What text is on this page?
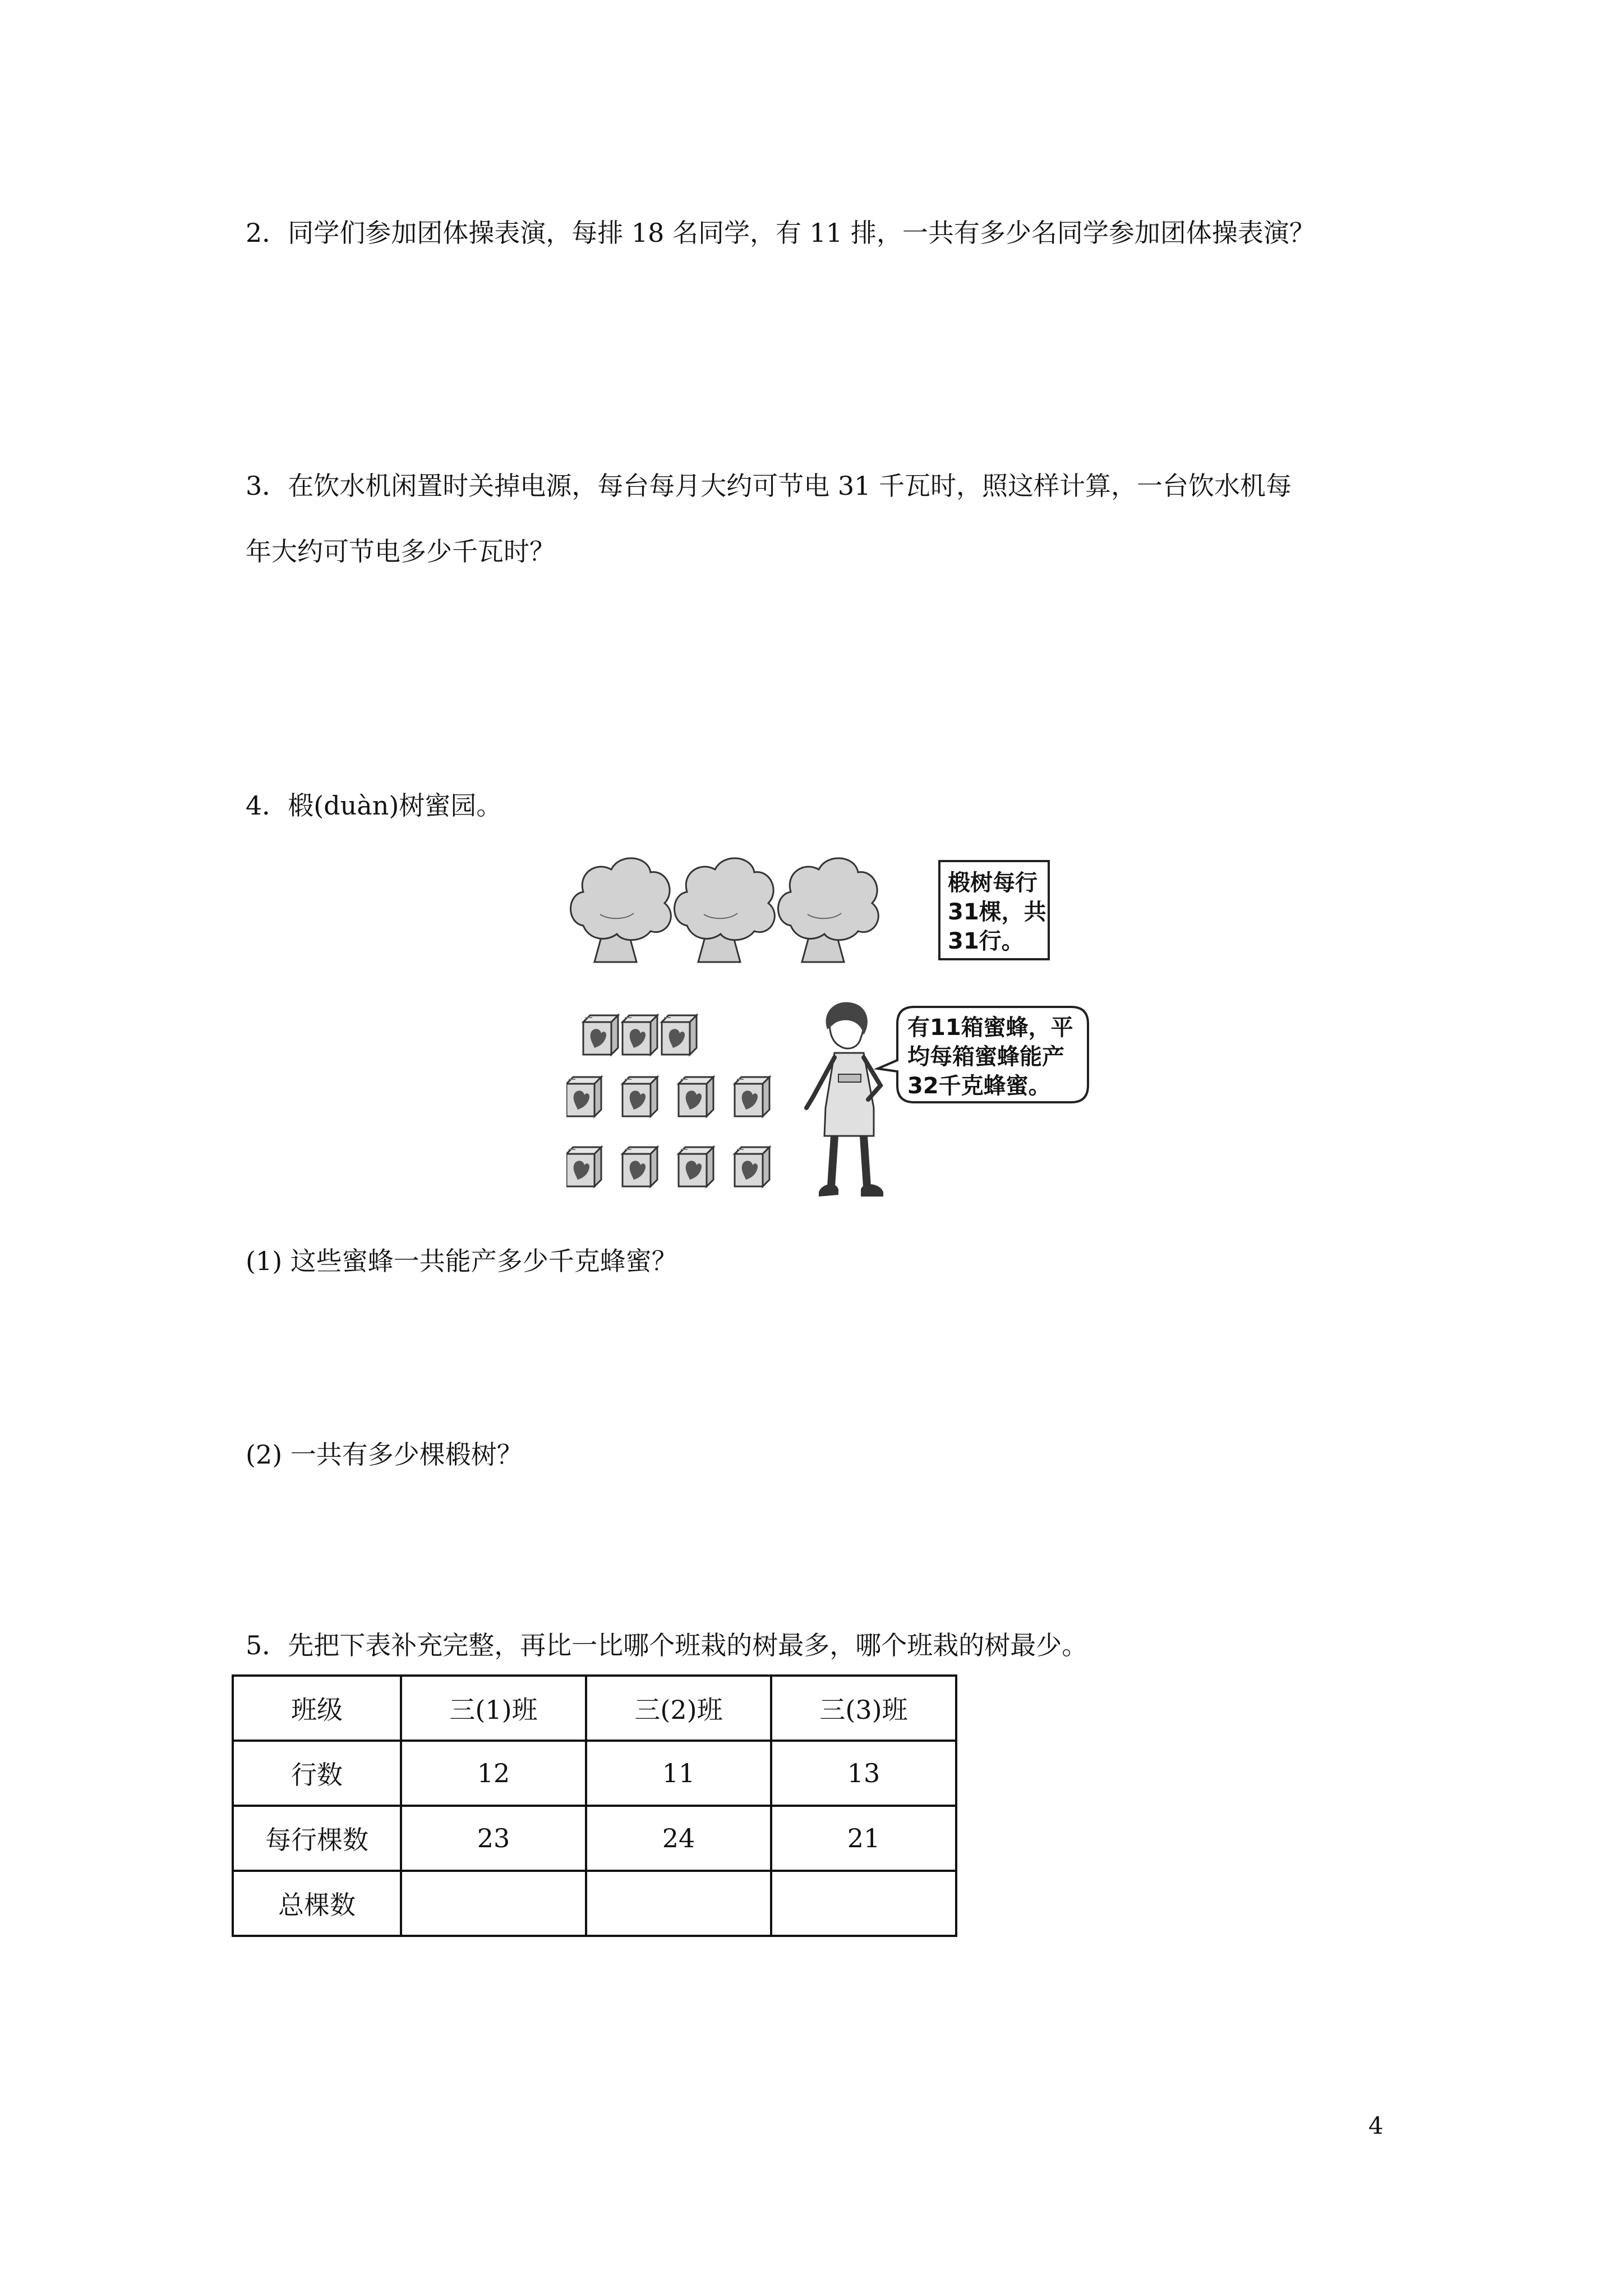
2．同学们参加团体操表演，每排 18 名同学，有 11 排，一共有多少名同学参加团体操表演？
3．在饮水机闲置时关掉电源，每台每月大约可节电 31 千瓦时，照这样计算，一台饮水机每
年大约可节电多少千瓦时？
4．椴(duàn)树蜜园。
椴树每行
31棵，共
31行。
有11箱蜜蜂，平
均每箱蜜蜂能产
32千克蜂蜜。
(1) 这些蜜蜂一共能产多少千克蜂蜜？
(2) 一共有多少棵椴树？
5．先把下表补充完整，再比一比哪个班栽的树最多，哪个班栽的树最少。
班级	三(1)班	三(2)班	三(3)班
行数	12	11	13
每行棵数	23	24	21
总棵数			
4
